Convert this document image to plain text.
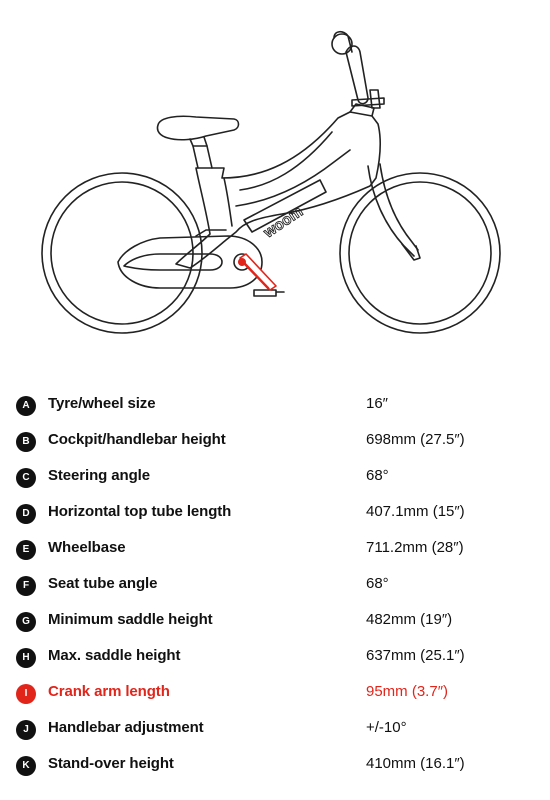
woom
A	Tyre/wheel size	16″
B	Cockpit/handlebar height	698mm (27.5″)
C	Steering angle	68°
D	Horizontal top tube length	407.1mm (15″)
E	Wheelbase	711.2mm (28″)
F	Seat tube angle	68°
G	Minimum saddle height	482mm (19″)
H	Max. saddle height	637mm (25.1″)
I	Crank arm length	95mm (3.7″)
J	Handlebar adjustment	+/-10°
K	Stand-over height	410mm (16.1″)
